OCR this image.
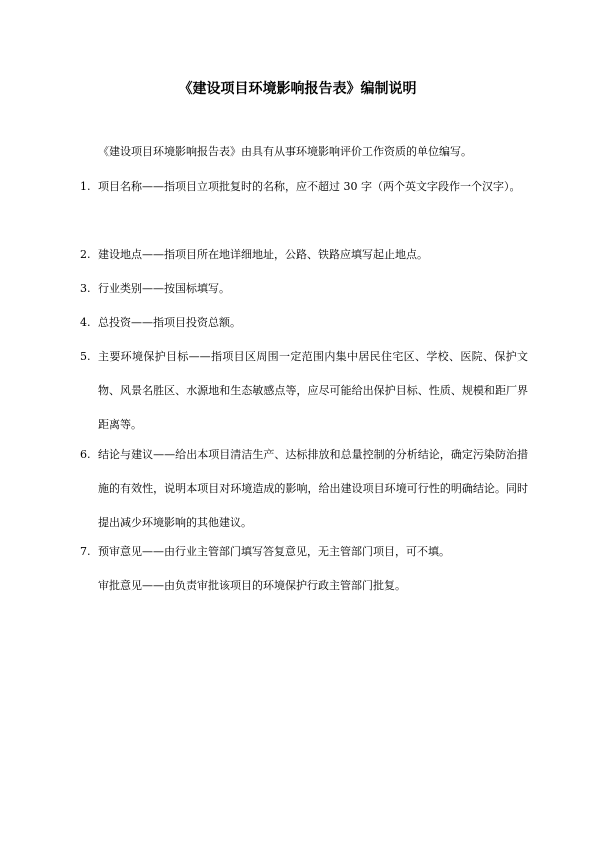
《建设项目环境影响报告表》编制说明
《建设项目环境影响报告表》由具有从事环境影响评价工作资质的单位编写。
1. 项目名称——指项目立项批复时的名称，应不超过 30 字（两个英文字段作一个汉字）。
2. 建设地点——指项目所在地详细地址，公路、铁路应填写起止地点。
3. 行业类别——按国标填写。
4. 总投资——指项目投资总额。
5. 主要环境保护目标——指项目区周围一定范围内集中居民住宅区、学校、医院、保护文物、风景名胜区、水源地和生态敏感点等，应尽可能给出保护目标、性质、规模和距厂界距离等。
6. 结论与建议——给出本项目清洁生产、达标排放和总量控制的分析结论，确定污染防治措施的有效性，说明本项目对环境造成的影响，给出建设项目环境可行性的明确结论。同时提出减少环境影响的其他建议。
7. 预审意见——由行业主管部门填写答复意见，无主管部门项目，可不填。
审批意见——由负责审批该项目的环境保护行政主管部门批复。
